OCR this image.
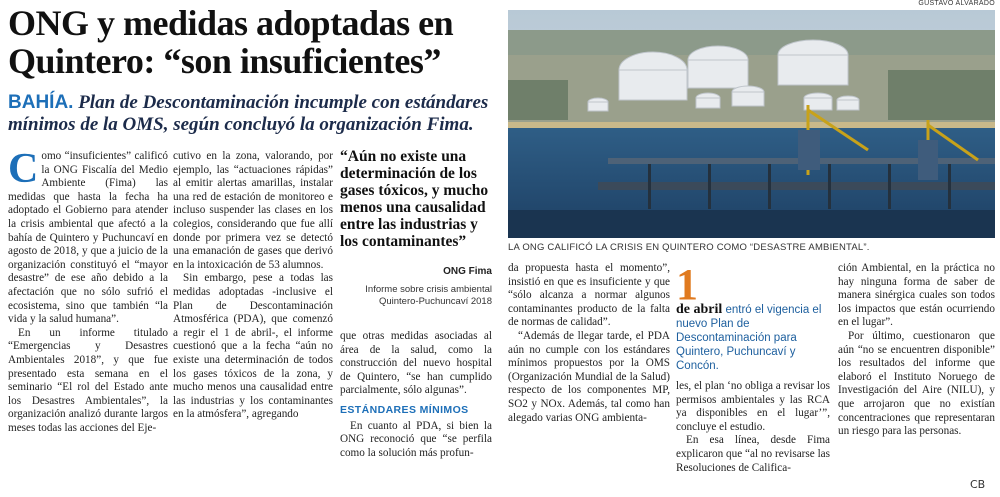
ONG y medidas adoptadas en Quintero: “son insuficientes”
BAHÍA. Plan de Descontaminación incumple con estándares mínimos de la OMS, según concluyó la organización Fima.
GUSTAVO ALVARADO
LA ONG CALIFICÓ LA CRISIS EN QUINTERO COMO “DESASTRE AMBIENTAL”.

C omo “insuficientes” calificó la ONG Fiscalía del Medio Ambiente (Fima) las medidas que hasta la fecha ha adoptado el Gobierno para atender la crisis ambiental que afectó a la bahía de Quintero y Puchuncaví en agosto de 2018, y que a juicio de la organización constituyó el “mayor desastre” de ese año debido a la afectación que no sólo sufrió el ecosistema, sino que también “la vida y la salud humana”.

En un informe titulado “Emergencias y Desastres Ambientales 2018”, y que fue presentado esta semana en el seminario “El rol del Estado ante los Desastres Ambientales”, la organización analizó durante largos meses todas las acciones del Eje-

cutivo en la zona, valorando, por ejemplo, las “actuaciones rápidas” al emitir alertas amarillas, instalar una red de estación de monitoreo e incluso suspender las clases en los colegios, considerando que fue allí donde por primera vez se detectó una emanación de gases que derivó en la intoxicación de 53 alumnos.

Sin embargo, pese a todas las medidas adoptadas -inclusive el Plan de Descontaminación Atmosférica (PDA), que comenzó a regir el 1 de abril-, el informe cuestionó que a la fecha “aún no existe una determinación de todos los gases tóxicos de la zona, y mucho menos una causalidad entre las industrias y los contaminantes en la atmósfera”, agregando

“Aún no existe una determinación de los gases tóxicos, y mucho menos una causalidad entre las industrias y los contaminantes”
ONG Fima
Informe sobre crisis ambiental Quintero-Puchuncaví 2018

que otras medidas asociadas al área de la salud, como la construcción del nuevo hospital de Quintero, “se han cumplido parcialmente, sólo algunas”.

ESTÁNDARES MÍNIMOS

En cuanto al PDA, si bien la ONG reconoció que “se perfila como la solución más profun-

da propuesta hasta el momento”, insistió en que es insuficiente y que “sólo alcanza a normar algunos contaminantes producto de la falta de normas de calidad”.

“Además de llegar tarde, el PDA aún no cumple con los estándares mínimos propuestos por la OMS (Organización Mundial de la Salud) respecto de los componentes MP, SO2 y NOx. Además, tal como han alegado varias ONG ambienta-

1
de abril entró el vigencia el nuevo Plan de Descontaminación para Quintero, Puchuncaví y Concón.

les, el plan ‘no obliga a revisar los permisos ambientales y las RCA ya disponibles en el lugar’”, concluye el estudio.

En esa línea, desde Fima explicaron que “al no revisarse las Resoluciones de Califica-

ción Ambiental, en la práctica no hay ninguna forma de saber de manera sinérgica cuales son todos los impactos que están ocurriendo en el lugar”.

Por último, cuestionaron que aún “no se encuentren disponible” los resultados del informe que elaboró el Instituto Noruego de Investigación del Aire (NILU), y que arrojaron que no existían concentraciones que representaran un riesgo para las personas.

CB
